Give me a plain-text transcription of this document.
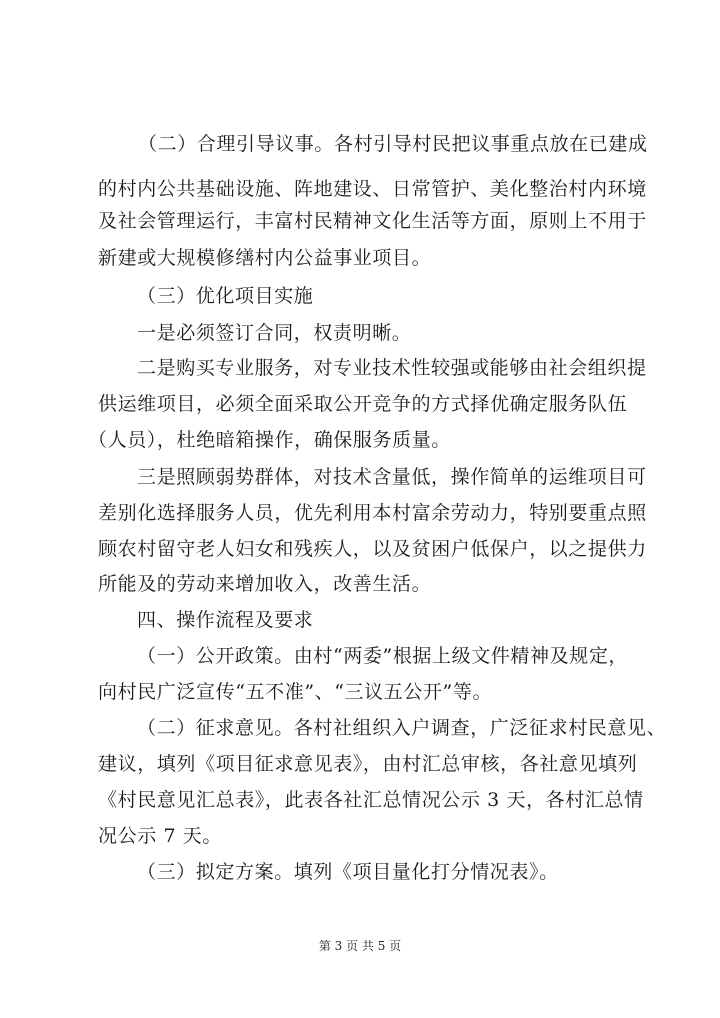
（二）合理引导议事。各村引导村民把议事重点放在已建成
的村内公共基础设施、阵地建设、日常管护、美化整治村内环境
及社会管理运行，丰富村民精神文化生活等方面，原则上不用于
新建或大规模修缮村内公益事业项目。
（三）优化项目实施
一是必须签订合同，权责明晰。
二是购买专业服务，对专业技术性较强或能够由社会组织提
供运维项目，必须全面采取公开竞争的方式择优确定服务队伍
（人员），杜绝暗箱操作，确保服务质量。
三是照顾弱势群体，对技术含量低，操作简单的运维项目可
差别化选择服务人员，优先利用本村富余劳动力，特别要重点照
顾农村留守老人妇女和残疾人，以及贫困户低保户，以之提供力
所能及的劳动来增加收入，改善生活。
四、操作流程及要求
（一）公开政策。由村“两委”根据上级文件精神及规定，
向村民广泛宣传“五不准”、“三议五公开”等。
（二）征求意见。各村社组织入户调查，广泛征求村民意见、
建议，填列《项目征求意见表》，由村汇总审核，各社意见填列
《村民意见汇总表》，此表各社汇总情况公示 3 天，各村汇总情
况公示 7 天。
（三）拟定方案。填列《项目量化打分情况表》。
第 3 页 共 5 页
